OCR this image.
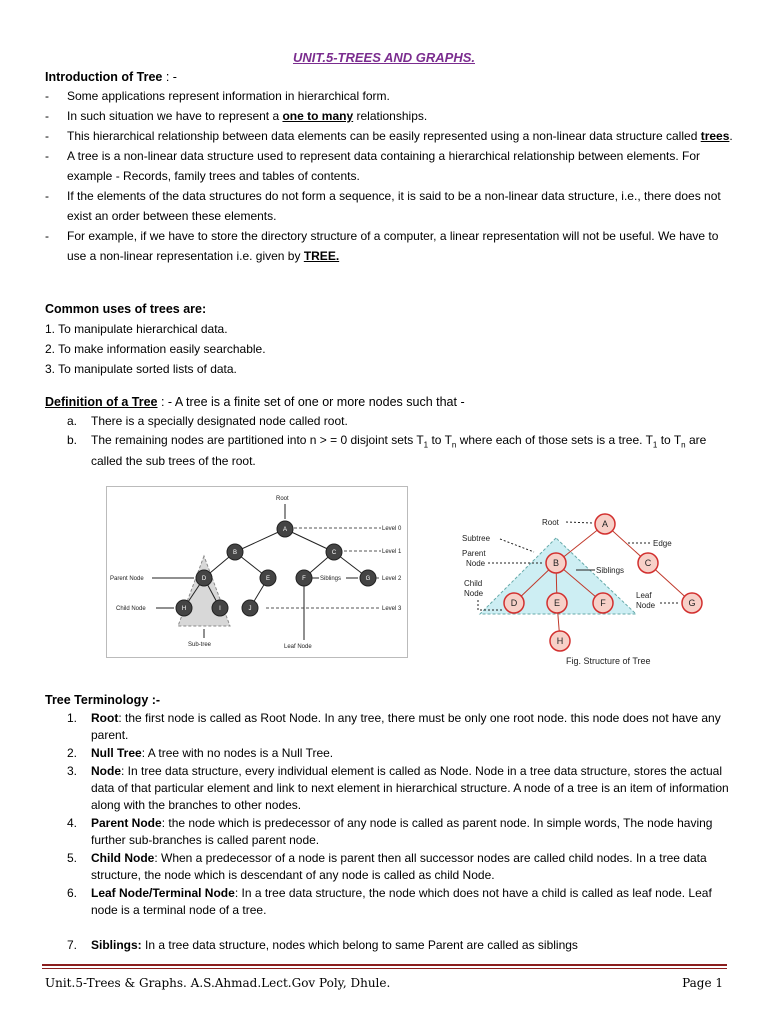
UNIT.5-TREES AND GRAPHS.
Introduction of Tree : -
- Some applications represent information in hierarchical form.
- In such situation we have to represent a one to many relationships.
- This hierarchical relationship between data elements can be easily represented using a non-linear data structure called trees.
- A tree is a non-linear data structure used to represent data containing a hierarchical relationship between elements. For example - Records, family trees and tables of contents.
- If the elements of the data structures do not form a sequence, it is said to be a non-linear data structure, i.e., there does not exist an order between these elements.
- For example, if we have to store the directory structure of a computer, a linear representation will not be useful. We have to use a non-linear representation i.e. given by TREE.
Common uses of trees are:
1. To manipulate hierarchical data.
2. To make information easily searchable.
3. To manipulate sorted lists of data.
Definition of a Tree : - A tree is a finite set of one or more nodes such that -
a. There is a specially designated node called root.
b. The remaining nodes are partitioned into n > = 0 disjoint sets $T_1$ to $T_n$ where each of those sets is a tree. $T_1$ to $T_n$ are called the sub trees of the root.
A
B	C
D	E	F	G
H	I	J
Root
Level 0
Level 1
Level 2
Level 3
Parent Node
Child Node
Siblings
Sub-tree	Leaf Node
A
B	C
D	E	F	G
H
Root
Edge
Subtree
Parent
Node
Child
Node
Siblings
Leaf
Node
Fig. Structure of Tree
Tree Terminology :-
1. Root: the first node is called as Root Node. In any tree, there must be only one root node. this node does not have any parent.
2. Null Tree: A tree with no nodes is a Null Tree.
3. Node: In tree data structure, every individual element is called as Node. Node in a tree data structure, stores the actual data of that particular element and link to next element in hierarchical structure. A node of a tree is an item of information along with the branches to other nodes.
4. Parent Node: the node which is predecessor of any node is called as parent node. In simple words, The node having further sub-branches is called parent node.
5. Child Node: When a predecessor of a node is parent then all successor nodes are called child nodes. In a tree data structure, the node which is descendant of any node is called as child Node.
6. Leaf Node/Terminal Node: In a tree data structure, the node which does not have a child is called as leaf node. Leaf node is a terminal node of a tree.
7. Siblings: In a tree data structure, nodes which belong to same Parent are called as siblings
Unit.5-Trees & Graphs. A.S.Ahmad.Lect.Gov Poly, Dhule.	Page 1
